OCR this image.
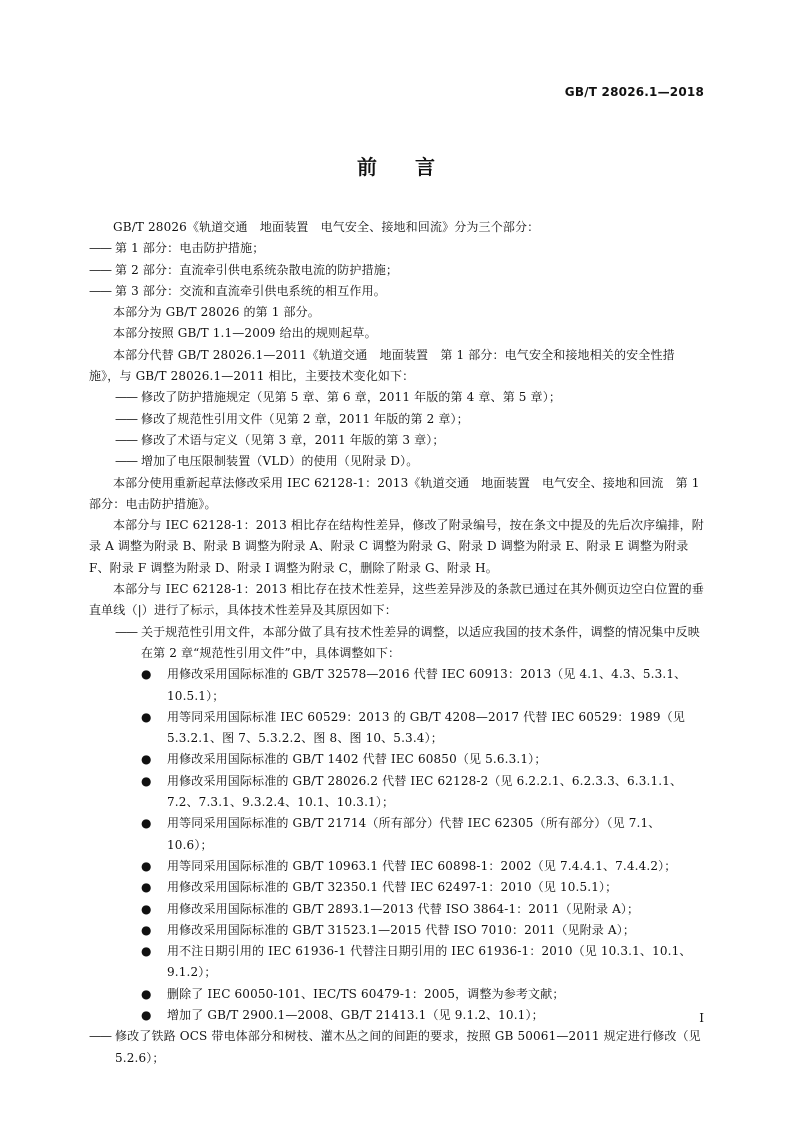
GB/T 28026.1—2018
前 言

GB/T 28026《轨道交通　地面装置　电气安全、接地和回流》分为三个部分：

—— 第 1 部分：电击防护措施；

—— 第 2 部分：直流牵引供电系统杂散电流的防护措施；

—— 第 3 部分：交流和直流牵引供电系统的相互作用。

本部分为 GB/T 28026 的第 1 部分。

本部分按照 GB/T 1.1—2009 给出的规则起草。

本部分代替 GB/T 28026.1—2011《轨道交通　地面装置　第 1 部分：电气安全和接地相关的安全性措施》，与 GB/T 28026.1—2011 相比，主要技术变化如下：

—— 修改了防护措施规定（见第 5 章、第 6 章，2011 年版的第 4 章、第 5 章）；

—— 修改了规范性引用文件（见第 2 章，2011 年版的第 2 章）；

—— 修改了术语与定义（见第 3 章，2011 年版的第 3 章）；

—— 增加了电压限制装置（VLD）的使用（见附录 D）。

本部分使用重新起草法修改采用 IEC 62128-1：2013《轨道交通　地面装置　电气安全、接地和回流　第 1 部分：电击防护措施》。

本部分与 IEC 62128-1：2013 相比存在结构性差异，修改了附录编号，按在条文中提及的先后次序编排，附录 A 调整为附录 B、附录 B 调整为附录 A、附录 C 调整为附录 G、附录 D 调整为附录 E、附录 E 调整为附录 F、附录 F 调整为附录 D、附录 I 调整为附录 C，删除了附录 G、附录 H。

本部分与 IEC 62128-1：2013 相比存在技术性差异，这些差异涉及的条款已通过在其外侧页边空白位置的垂直单线（|）进行了标示，具体技术性差异及其原因如下：

—— 关于规范性引用文件，本部分做了具有技术性差异的调整，以适应我国的技术条件，调整的情况集中反映在第 2 章“规范性引用文件”中，具体调整如下：

● 用修改采用国际标准的 GB/T 32578—2016 代替 IEC 60913：2013（见 4.1、4.3、5.3.1、10.5.1）；

● 用等同采用国际标准 IEC 60529：2013 的 GB/T 4208—2017 代替 IEC 60529：1989（见 5.3.2.1、图 7、5.3.2.2、图 8、图 10、5.3.4）；

● 用修改采用国际标准的 GB/T 1402 代替 IEC 60850（见 5.6.3.1）；

● 用修改采用国际标准的 GB/T 28026.2 代替 IEC 62128-2（见 6.2.2.1、6.2.3.3、6.3.1.1、7.2、7.3.1、9.3.2.4、10.1、10.3.1）；

● 用等同采用国际标准的 GB/T 21714（所有部分）代替 IEC 62305（所有部分）（见 7.1、10.6）；

● 用等同采用国际标准的 GB/T 10963.1 代替 IEC 60898-1：2002（见 7.4.4.1、7.4.4.2）；

● 用修改采用国际标准的 GB/T 32350.1 代替 IEC 62497-1：2010（见 10.5.1）；

● 用修改采用国际标准的 GB/T 2893.1—2013 代替 ISO 3864-1：2011（见附录 A）；

● 用修改采用国际标准的 GB/T 31523.1—2015 代替 ISO 7010：2011（见附录 A）；

● 用不注日期引用的 IEC 61936-1 代替注日期引用的 IEC 61936-1：2010（见 10.3.1、10.1、9.1.2）；

● 删除了 IEC 60050-101、IEC/TS 60479-1：2005，调整为参考文献；

● 增加了 GB/T 2900.1—2008、GB/T 21413.1（见 9.1.2、10.1）；

—— 修改了铁路 OCS 带电体部分和树枝、灌木丛之间的间距的要求，按照 GB 50061—2011 规定进行修改（见 5.2.6）；

I
